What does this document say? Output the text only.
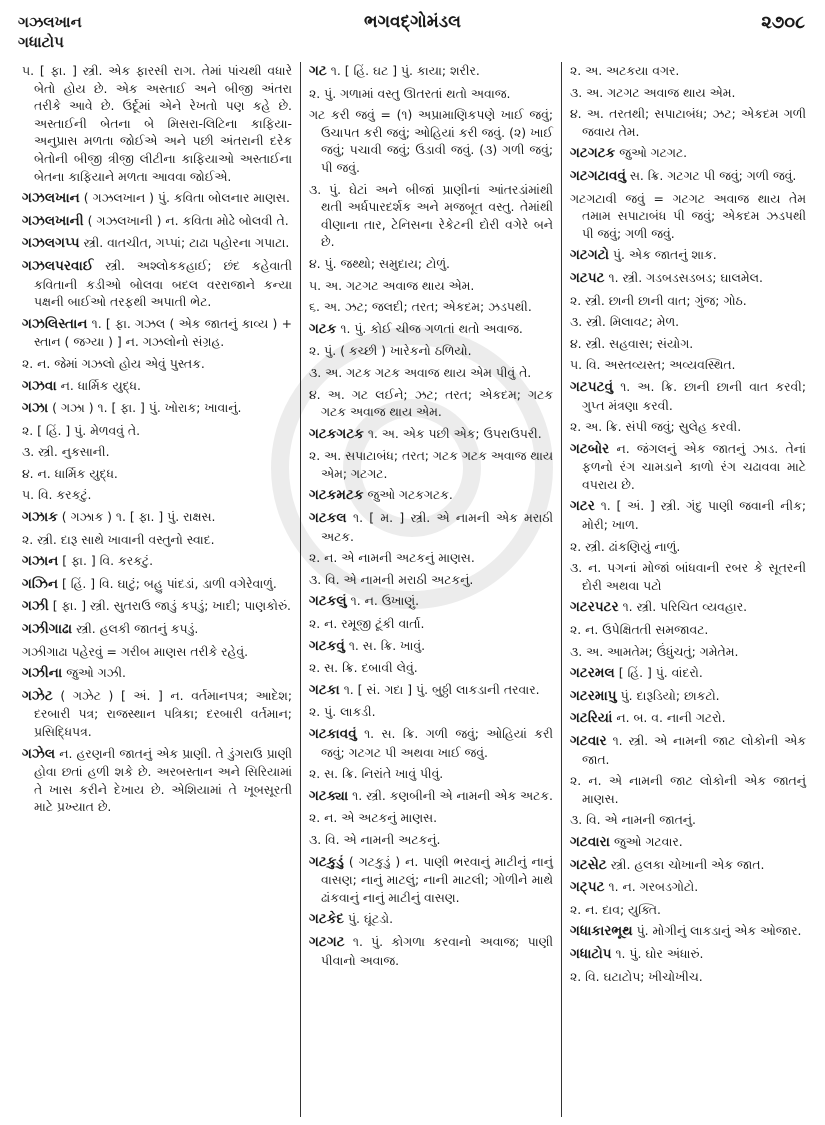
ગઝલખાન
ગધાટોપ
ભગવદ્ગોમંડલ	૨૭૦૮
૫. [ ફા. ] સ્ત્રી. એક ફારસી રાગ. તેમાં પાંચથી વધારે બેતો હોય છે. એક અસ્તાઈ અને બીજી અંતરા તરીકે આવે છે. ઉર્દૂમાં એને રેખતો પણ કહે છે. અસ્તાઈની બેતના બે મિસરા-લિટિના કાફિયા-અનુપ્રાસ મળતા જોઈએ અને પછી અંતરાની દરેક બેતોની બીજી ત્રીજી લીટીના કાફિયાઓ અસ્તાઈના બેતના કાફિયાને મળતા આવવા જોઈએ.
ગઝલખાન ( ગઝલખાન ) પું. કવિતા બોલનાર માણસ.
ગઝલખાની ( ગઝલખાની ) ન. કવિતા મોઢે બોલવી તે.
ગઝલગપ્પ સ્ત્રી. વાતચીત, ગપ્પાં; ટાઢા પહોરના ગપાટા.
ગઝલપરવાઈ સ્ત્રી. અશ્લોકકહાઈ; છંદ કહેવાતી કવિતાની કડીઓ બોલવા બદલ વરરાજાને કન્યા પક્ષની બાઈઓ તરફથી અપાતી ભેટ.
ગઝલિસ્તાન ૧. [ ફા. ગઝલ ( એક જાતનું કાવ્ય ) + સ્તાન ( જગ્યા ) ] ન. ગઝલોનો સંગ્રહ.
૨. ન. જેમાં ગઝલો હોય એવું પુસ્તક.
ગઝવા ન. ધાર્મિક યુદ્ધ.
ગઝા ( ગઝા ) ૧. [ ફા. ] પું. ખોરાક; ખાવાનું.
૨. [ હિં. ] પું. મેળવવું તે.
૩. સ્ત્રી. નુકસાની.
૪. ન. ધાર્મિક યુદ્ધ.
૫. વિ. કરકટું.
ગઝાક ( ગઝાક ) ૧. [ ફા. ] પું. રાક્ષસ.
૨. સ્ત્રી. દારૂ સાથે ખાવાની વસ્તુનો સ્વાદ.
ગઝાન [ ફા. ] વિ. કરકટું.
ગઝિન [ હિં. ] વિ. ઘાટું; બહુ પાંદડાં, ડાળી વગેરેવાળું.
ગઝી [ ફા. ] સ્ત્રી. સુતરાઉ જાડું કપડું; ખાદી; પાણકોરું.
ગઝીગાઢા સ્ત્રી. હલકી જાતનું કપડું.
ગઝીગાઢા પહેરવું = ગરીબ માણસ તરીકે રહેવું.
ગઝીના જુઓ ગઝી.
ગઝેટ ( ગઝેટ ) [ અં. ] ન. વર્તમાનપત્ર; આદેશ; દરબારી પત્ર; રાજસ્થાન પત્રિકા; દરબારી વર્તમાન; પ્રસિદ્ધિપત્ર.
ગઝેલ ન. હરણની જાતનું એક પ્રાણી. તે ડુંગરાઉ પ્રાણી હોવા છતાં હળી શકે છે. અરબસ્તાન અને સિરિયામાં તે ખાસ કરીને દેખાય છે. એશિયામાં તે ખૂબસૂરતી માટે પ્રખ્યાત છે.
ગટ ૧. [ હિં. ઘટ ] પું. કાયા; શરીર.
૨. પું. ગળામાં વસ્તુ ઊતરતાં થતો અવાજ.
ગટ કરી જવું = (૧) અપ્રામાણિકપણે ખાઈ જવું; ઉચાપત કરી જવું; ઓહિયાં કરી જવું. (૨) ખાઈ જવું; પચાવી જવું; ઉડાવી જવું. (૩) ગળી જવું; પી જવું.
૩. પું. ઘેટાં અને બીજાં પ્રાણીનાં આંતરડાંમાંથી થતી અર્ધપારદર્શક અને મજબૂત વસ્તુ. તેમાંથી વીણાના તાર, ટેનિસના રેકેટની દોરી વગેરે બને છે.
૪. પું. જથ્થો; સમુદાય; ટોળું.
૫. અ. ગટગટ અવાજ થાય એમ.
૬. અ. ઝટ; જલદી; તરત; એકદમ; ઝડપથી.
ગટક ૧. પું. કોઈ ચીજ ગળતાં થતો અવાજ.
૨. પું. ( કચ્છી ) ખારેકનો ઠળિયો.
૩. અ. ગટક ગટક અવાજ થાય એમ પીવું તે.
૪. અ. ગટ લઈને; ઝટ; તરત; એકદમ; ગટક ગટક અવાજ થાય એમ.
ગટકગટક ૧. અ. એક પછી એક; ઉપરાઉપરી.
૨. અ. સપાટાબંધ; તરત; ગટક ગટક અવાજ થાય એમ; ગટગટ.
ગટકમટક જુઓ ગટકગટક.
ગટકલ ૧. [ મ. ] સ્ત્રી. એ નામની એક મરાઠી અટક.
૨. ન. એ નામની અટકનું માણસ.
૩. વિ. એ નામની મરાઠી અટકનું.
ગટકલું ૧. ન. ઉખાણું.
૨. ન. રમૂજી ટૂંકી વાર્તા.
ગટકવું ૧. સ. ક્રિ. ખાવું.
૨. સ. ક્રિ. દબાવી લેવું.
ગટકા ૧. [ સં. ગદા ] પું. બુઠ્ઠી લાકડાની તરવાર.
૨. પું. લાકડી.
ગટકાવવું ૧. સ. ક્રિ. ગળી જવું; ઓહિયાં કરી જવું; ગટગટ પી અથવા ખાઈ જવું.
૨. સ. ક્રિ. નિરાંતે ખાવું પીવું.
ગટક્યા ૧. સ્ત્રી. કણબીની એ નામની એક અટક.
૨. ન. એ અટકનું માણસ.
૩. વિ. એ નામની અટકનું.
ગટકુડું ( ગટકુડું ) ન. પાણી ભરવાનું માટીનું નાનું વાસણ; નાનું માટલું; નાની માટલી; ગોળીને માથે ઢાંકવાનું નાનું માટીનું વાસણ.
ગટકેદ પું. ઘૂંટડો.
ગટગટ ૧. પું. કોગળા કરવાનો અવાજ; પાણી પીવાનો અવાજ.
૨. અ. અટકયા વગર.
૩. અ. ગટગટ અવાજ થાય એમ.
૪. અ. તરતથી; સપાટાબંધ; ઝટ; એકદમ ગળી જવાય તેમ.
ગટગટક જુઓ ગટગટ.
ગટગટાવવું સ. ક્રિ. ગટગટ પી જવું; ગળી જવું.
ગટગટાવી જવું = ગટગટ અવાજ થાય તેમ તમામ સપાટાબંધ પી જવું; એકદમ ઝડપથી પી જવું; ગળી જવું.
ગટગટો પું. એક જાતનું શાક.
ગટપટ ૧. સ્ત્રી. ગડબડસડબડ; ઘાલમેલ.
૨. સ્ત્રી. છાની છાની વાત; ગુંજ; ગોઠ.
૩. સ્ત્રી. મિલાવટ; મેળ.
૪. સ્ત્રી. સહવાસ; સંયોગ.
૫. વિ. અસ્તવ્યસ્ત; અવ્યવસ્થિત.
ગટપટવું ૧. અ. ક્રિ. છાની છાની વાત કરવી; ગુપ્ત મંત્રણા કરવી.
૨. અ. ક્રિ. સંપી જવું; સુલેહ કરવી.
ગટબોર ન. જંગલનું એક જાતનું ઝાડ. તેનાં ફળનો રંગ ચામડાને કાળો રંગ ચઢાવવા માટે વપરાય છે.
ગટર ૧. [ અં. ] સ્ત્રી. ગંદુ પાણી જવાની નીક; મોરી; ખાળ.
૨. સ્ત્રી. ઢાંકણિયું નાળું.
૩. ન. પગનાં મોજાં બાંધવાની રબર કે સૂતરની દોરી અથવા પટો
ગટરપટર ૧. સ્ત્રી. પરિચિત વ્યવહાર.
૨. ન. ઉપેક્ષિતતી સમજાવટ.
૩. અ. આમતેમ; ઉંધુંચતું; ગમેતેમ.
ગટરમલ [ હિં. ] પું. વાંદરો.
ગટરમાપુ પું. દારૂડિયો; છાકટો.
ગટરિયાં ન. બ. વ. નાની ગટરો.
ગટવાર ૧. સ્ત્રી. એ નામની જાટ લોકોની એક જાત.
૨. ન. એ નામની જાટ લોકોની એક જાતનું માણસ.
૩. વિ. એ નામની જાતનું.
ગટવારા જુઓ ગટવાર.
ગટસેટ સ્ત્રી. હલકા ચોખાની એક જાત.
ગટ્પટ ૧. ન. ગરબડગોટો.
૨. ન. દાવ; યુક્તિ.
ગધાકારભૂથ પું. મોગીનું લાકડાનું એક ઓજાર.
ગધાટોપ ૧. પું. ઘોર અંધારું.
૨. વિ. ઘટાટોપ; ખીચોખીચ.
